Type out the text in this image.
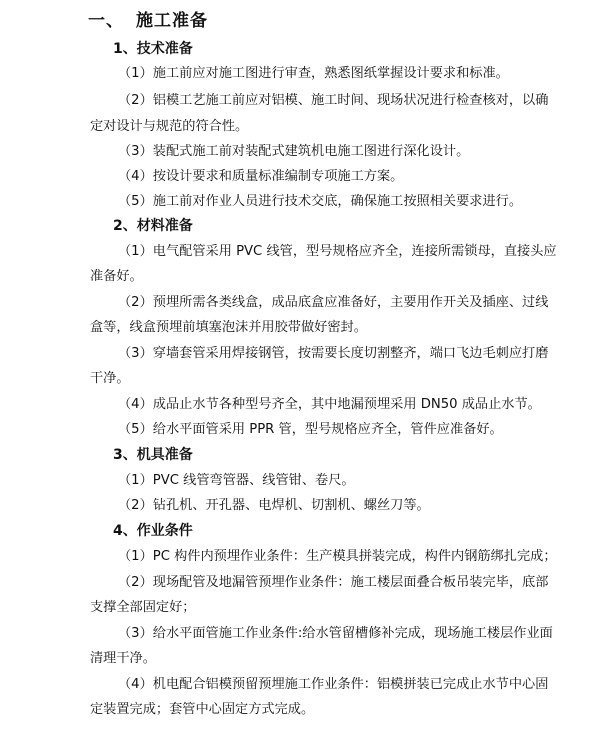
一、 施工准备
1、技术准备
（1）施工前应对施工图进行审查，熟悉图纸掌握设计要求和标准。
（2）铝模工艺施工前应对铝模、施工时间、现场状况进行检查核对，以确
定对设计与规范的符合性。
（3）装配式施工前对装配式建筑机电施工图进行深化设计。
（4）按设计要求和质量标准编制专项施工方案。
（5）施工前对作业人员进行技术交底，确保施工按照相关要求进行。
2、材料准备
（1）电气配管采用 PVC 线管，型号规格应齐全，连接所需锁母，直接头应
准备好。
（2）预埋所需各类线盒，成品底盒应准备好，主要用作开关及插座、过线
盒等，线盒预埋前填塞泡沫并用胶带做好密封。
（3）穿墙套管采用焊接钢管，按需要长度切割整齐，端口飞边毛刺应打磨
干净。
（4）成品止水节各种型号齐全，其中地漏预埋采用 DN50 成品止水节。
（5）给水平面管采用 PPR 管，型号规格应齐全，管件应准备好。
3、机具准备
（1）PVC 线管弯管器、线管钳、卷尺。
（2）钻孔机、开孔器、电焊机、切割机、螺丝刀等。
4、作业条件
（1）PC 构件内预埋作业条件：生产模具拼装完成，构件内钢筋绑扎完成；
（2）现场配管及地漏管预埋作业条件：施工楼层面叠合板吊装完毕，底部
支撑全部固定好；
（3）给水平面管施工作业条件:给水管留槽修补完成，现场施工楼层作业面
清理干净。
（4）机电配合铝模预留预埋施工作业条件：铝模拼装已完成止水节中心固
定装置完成；套管中心固定方式完成。
